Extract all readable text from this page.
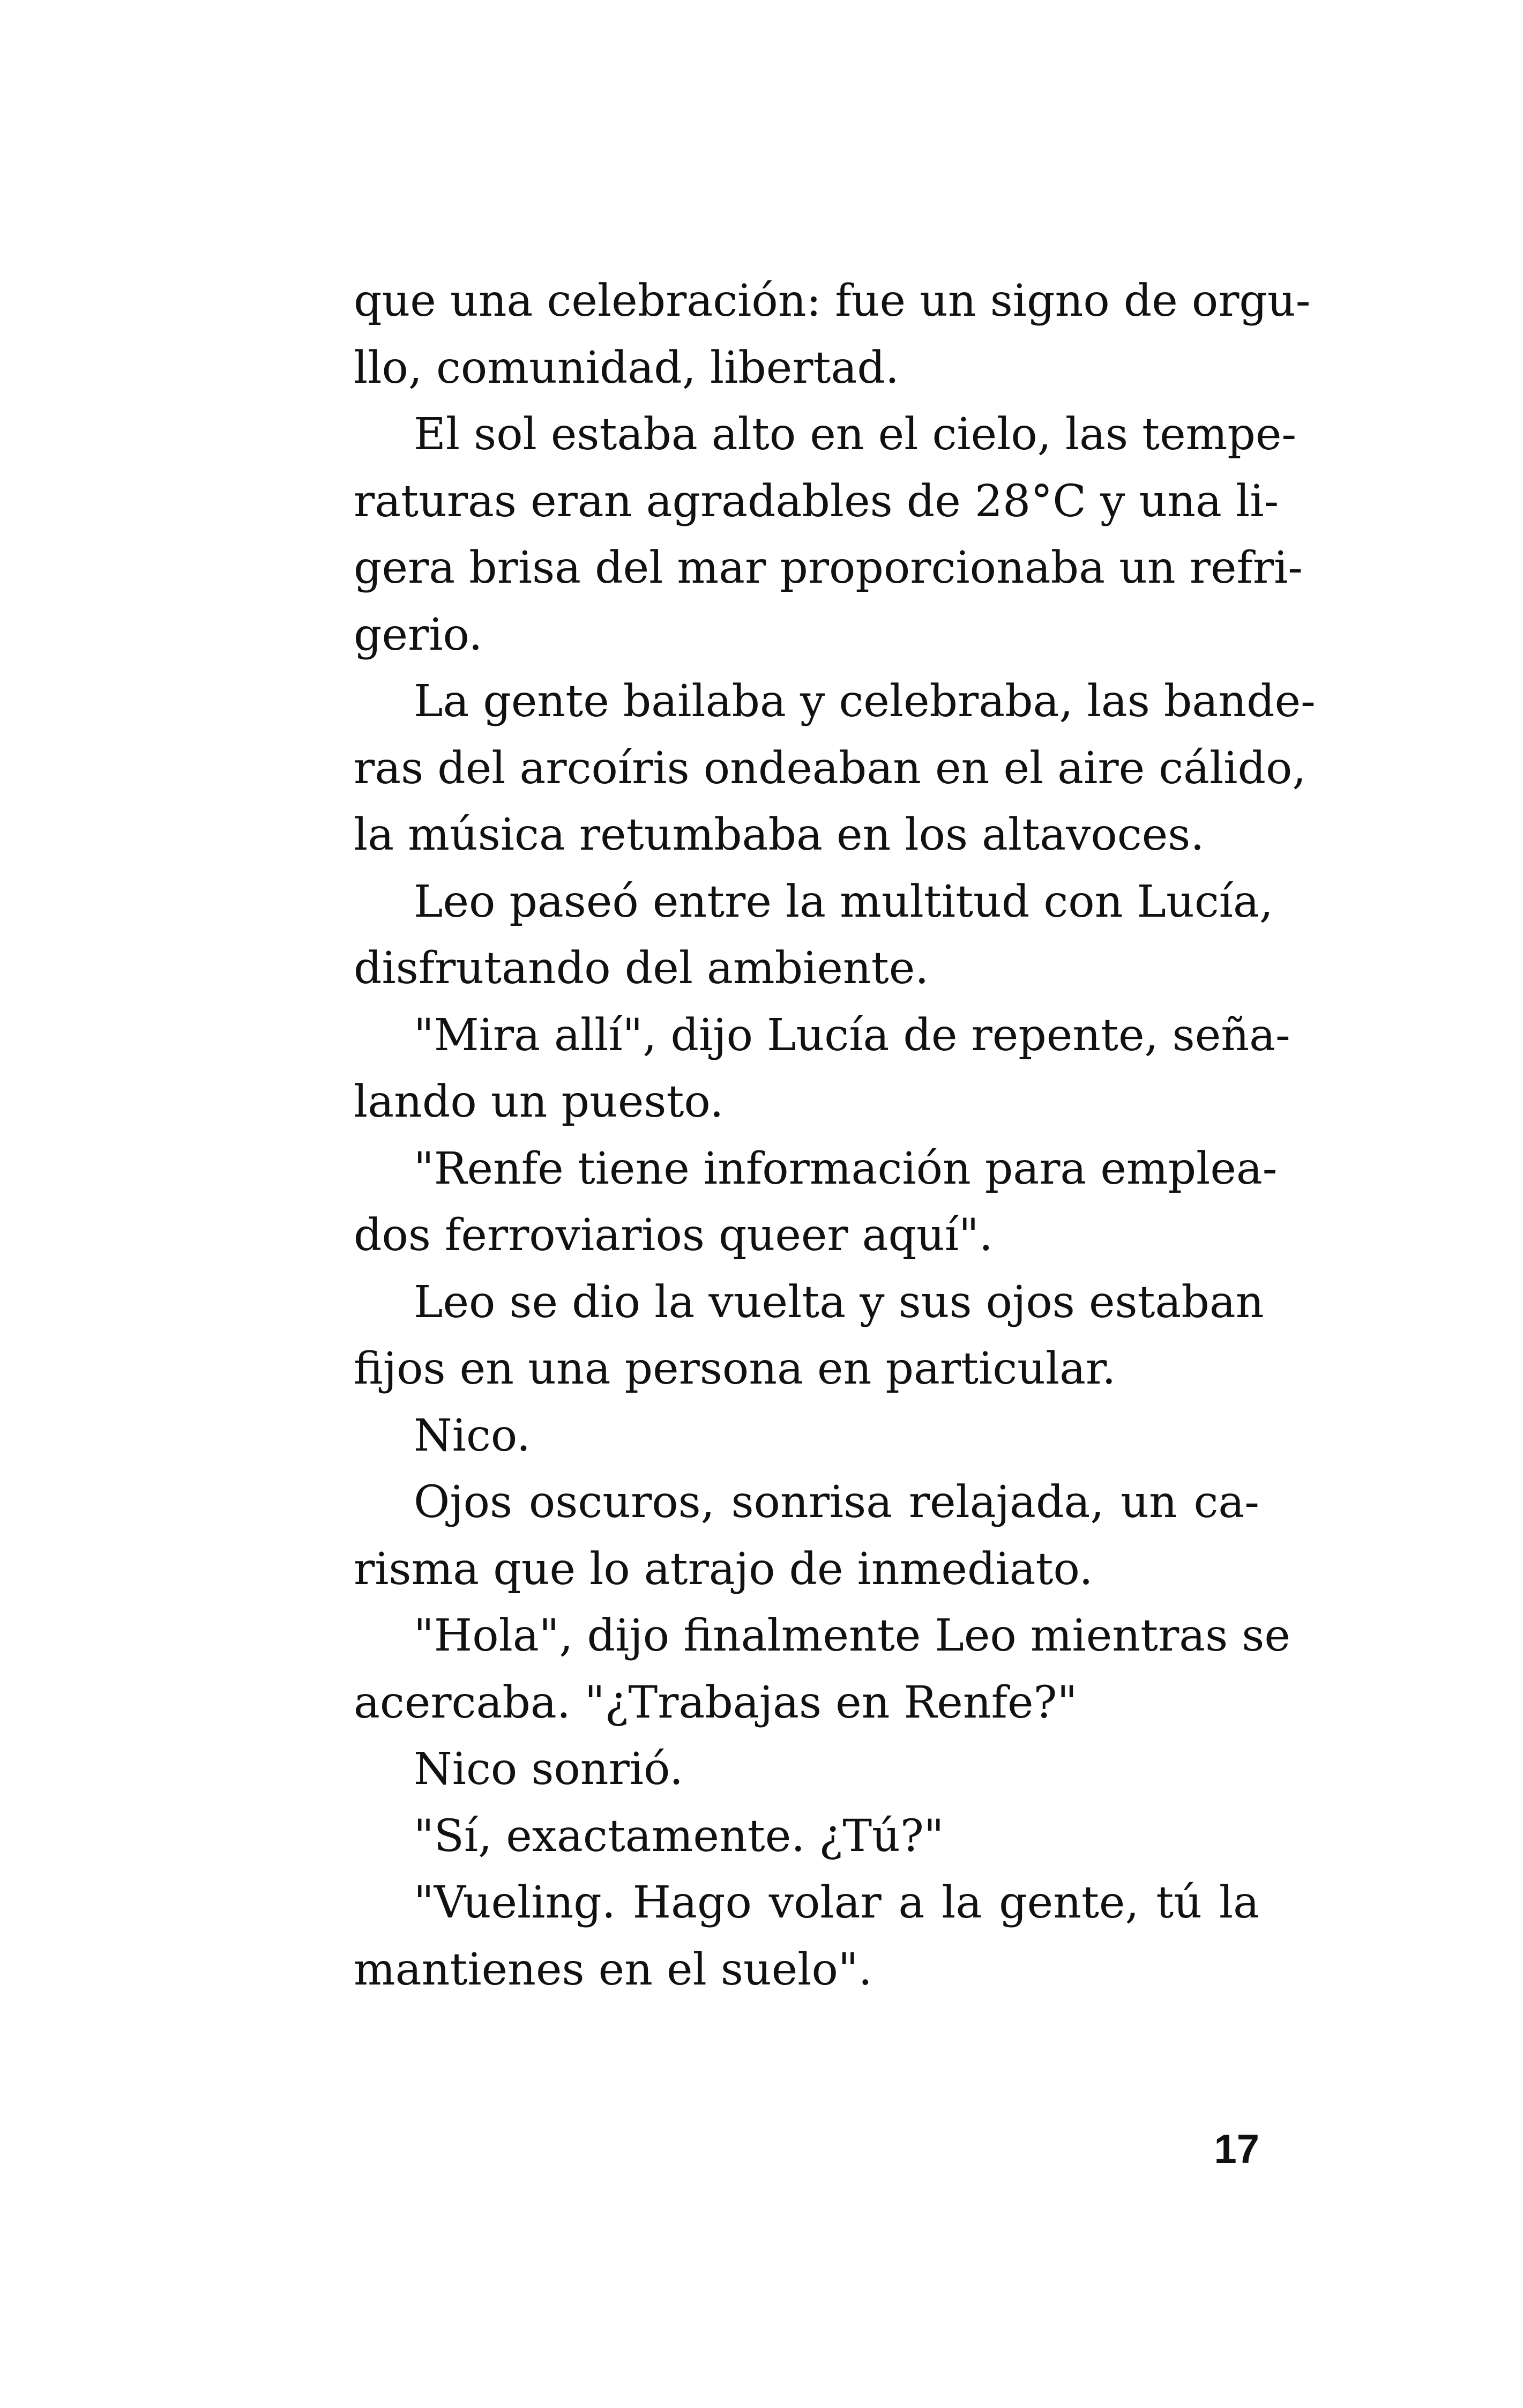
que una celebración: fue un signo de orgu-
llo, comunidad, libertad.
El sol estaba alto en el cielo, las tempe-
raturas eran agradables de 28°C y una li-
gera brisa del mar proporcionaba un refri-
gerio.
La gente bailaba y celebraba, las bande-
ras del arcoíris ondeaban en el aire cálido,
la música retumbaba en los altavoces.
Leo paseó entre la multitud con Lucía,
disfrutando del ambiente.
"Mira allí", dijo Lucía de repente, seña-
lando un puesto.
"Renfe tiene información para emplea-
dos ferroviarios queer aquí".
Leo se dio la vuelta y sus ojos estaban
fijos en una persona en particular.
Nico.
Ojos oscuros, sonrisa relajada, un ca-
risma que lo atrajo de inmediato.
"Hola", dijo finalmente Leo mientras se
acercaba. "¿Trabajas en Renfe?"
Nico sonrió.
"Sí, exactamente. ¿Tú?"
"Vueling. Hago volar a la gente, tú la
mantienes en el suelo".
17
